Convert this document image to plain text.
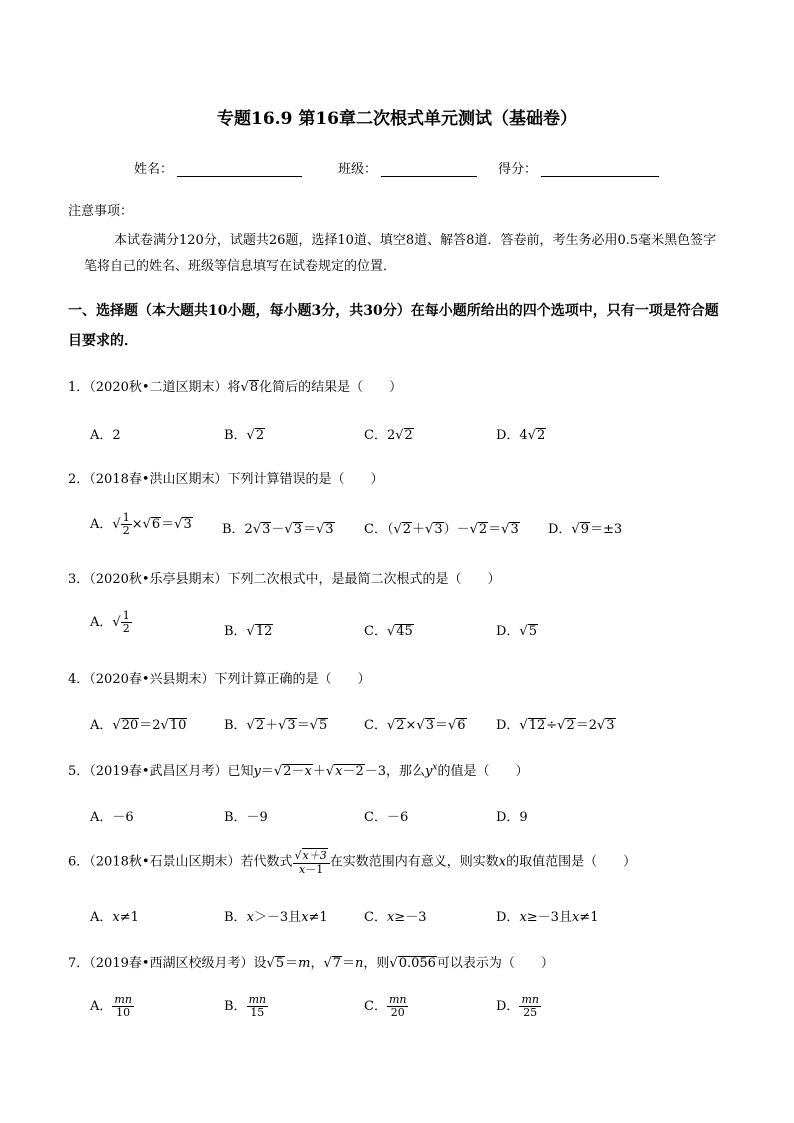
专题16.9 第16章二次根式单元测试（基础卷）
姓名：	班级：	得分：
注意事项：
本试卷满分120分，试题共26题，选择10道、填空8道、解答8道．答卷前，考生务必用0.5毫米黑色签字笔将自己的姓名、班级等信息填写在试卷规定的位置．
一、选择题（本大题共10小题，每小题3分，共30分）在每小题所给出的四个选项中，只有一项是符合题目要求的．
1．（2020秋•二道区期末）将√8化简后的结果是（　　）
A．2	B．√2	C．2√2	D．4√2
2．（2018春•洪山区期末）下列计算错误的是（　　）
A．√ $\frac{1}{2} \times√6=√3$ B．2√3－√3＝√3 C．（√2＋√3）－√2＝√3 D．√9＝±3
3．（2020秋•乐亭县期末）下列二次根式中，是最简二次根式的是（　　）
A．√ $\frac{1}{2}$	B．√12	C．√45	D．√5
4．（2020春•兴县期末）下列计算正确的是（　　）
A．√20＝2√10	B．√2＋√3＝√5	C．√2×√3＝√6 D．√12÷√2＝2√3
5．（2019春•武昌区月考）已知y＝√2－x＋√x－2－3，那么$y^x$的值是（　　）
A．－6	B．－9	C．－6	D．9
6．（2018秋•石景山区期末）若代数式 $\frac{√x+3}{x-1}$ 在实数范围内有意义，则实数x的取值范围是（　　）
A．x≠1	B．x＞－3且x≠1	C．x≥－3	D．x≥－3且x≠1
7．（2019春•西湖区校级月考）设√5＝m，√7＝n，则√0.056可以表示为（　　）
A． $\frac{mn}{10}$	B． $\frac{mn}{15}$	C． $\frac{mn}{20}$	D． $\frac{mn}{25}$
